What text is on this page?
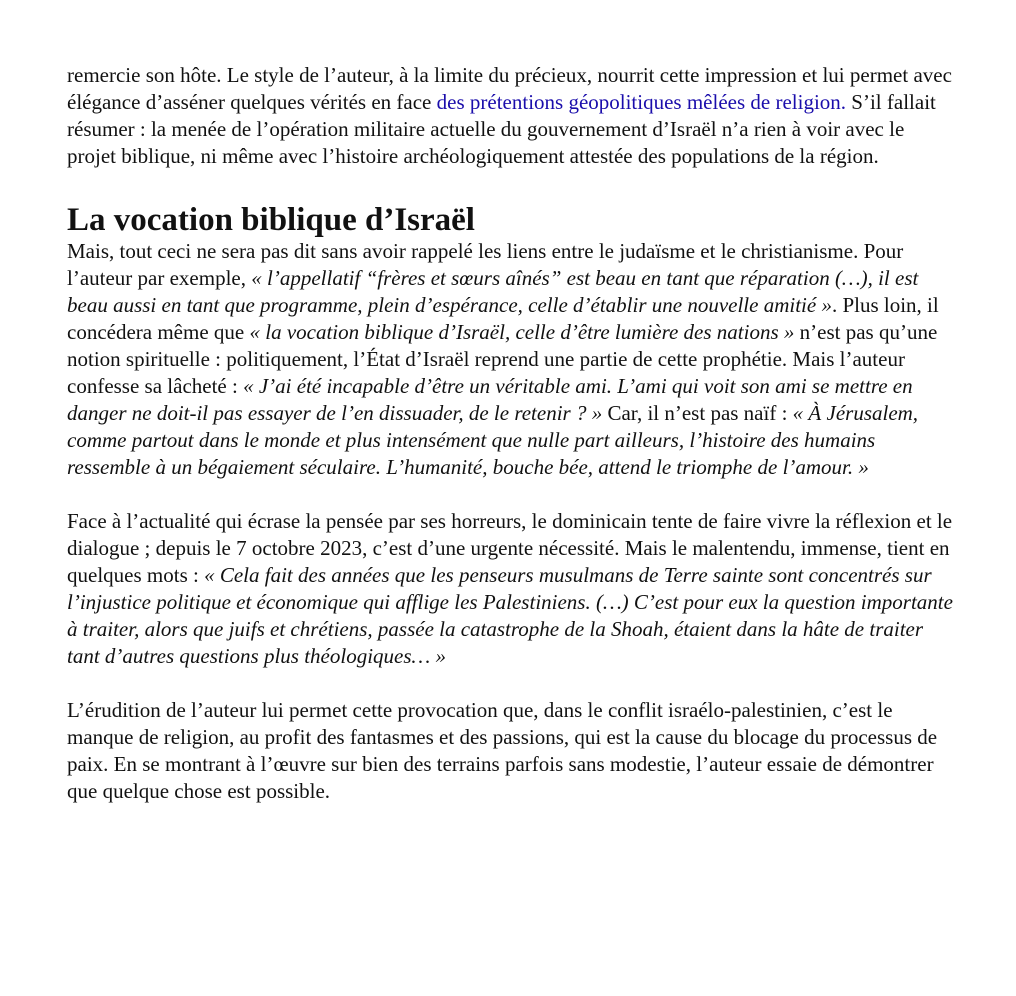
remercie son hôte. Le style de l’auteur, à la limite du précieux, nourrit cette impression et lui permet avec élégance d’asséner quelques vérités en face des prétentions géopolitiques mêlées de religion. S’il fallait résumer : la menée de l’opération militaire actuelle du gouvernement d’Israël n’a rien à voir avec le projet biblique, ni même avec l’histoire archéologiquement attestée des populations de la région.

La vocation biblique d’Israël

Mais, tout ceci ne sera pas dit sans avoir rappelé les liens entre le judaïsme et le christianisme. Pour l’auteur par exemple, « l’appellatif “frères et sœurs aînés” est beau en tant que réparation (…), il est beau aussi en tant que programme, plein d’espérance, celle d’établir une nouvelle amitié ». Plus loin, il concédera même que « la vocation biblique d’Israël, celle d’être lumière des nations » n’est pas qu’une notion spirituelle : politiquement, l’État d’Israël reprend une partie de cette prophétie. Mais l’auteur confesse sa lâcheté : « J’ai été incapable d’être un véritable ami. L’ami qui voit son ami se mettre en danger ne doit-il pas essayer de l’en dissuader, de le retenir ? » Car, il n’est pas naïf : « À Jérusalem, comme partout dans le monde et plus intensément que nulle part ailleurs, l’histoire des humains ressemble à un bégaiement séculaire. L’humanité, bouche bée, attend le triomphe de l’amour. »

Face à l’actualité qui écrase la pensée par ses horreurs, le dominicain tente de faire vivre la réflexion et le dialogue ; depuis le 7 octobre 2023, c’est d’une urgente nécessité. Mais le malentendu, immense, tient en quelques mots : « Cela fait des années que les penseurs musulmans de Terre sainte sont concentrés sur l’injustice politique et économique qui afflige les Palestiniens. (…) C’est pour eux la question importante à traiter, alors que juifs et chrétiens, passée la catastrophe de la Shoah, étaient dans la hâte de traiter tant d’autres questions plus théologiques… »

L’érudition de l’auteur lui permet cette provocation que, dans le conflit israélo-palestinien, c’est le manque de religion, au profit des fantasmes et des passions, qui est la cause du blocage du processus de paix. En se montrant à l’œuvre sur bien des terrains parfois sans modestie, l’auteur essaie de démontrer que quelque chose est possible.
